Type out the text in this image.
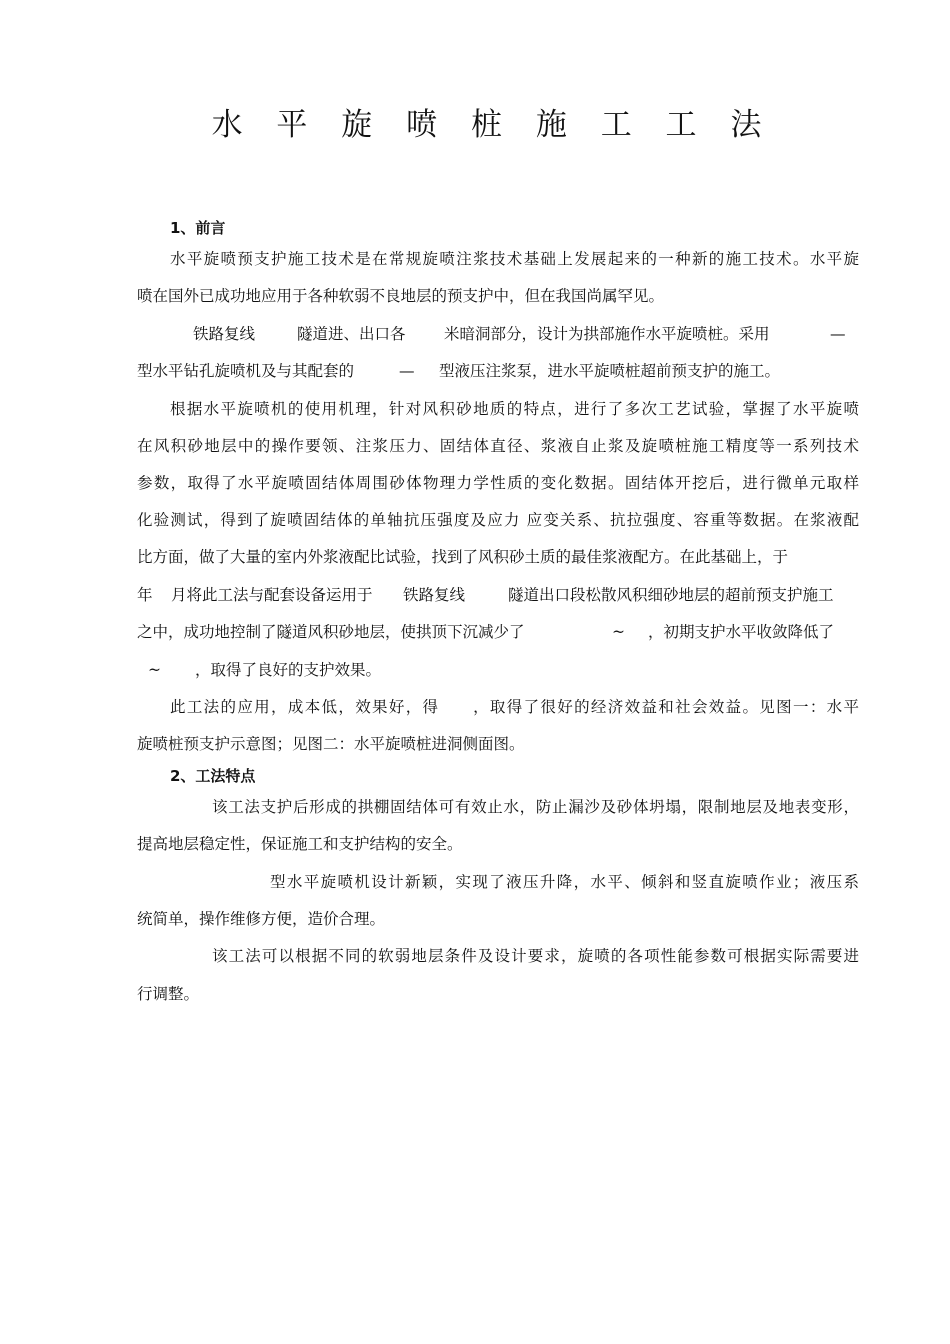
水 平 旋 喷 桩 施 工 工 法
1、前言
水平旋喷预支护施工技术是在常规旋喷注浆技术基础上发展起来的一种新的施工技术。水平旋
喷在国外已成功地应用于各种软弱不良地层的预支护中，但在我国尚属罕见。
铁路复线	隧道进、出口各 米暗洞部分，设计为拱部施作水平旋喷桩。采用	—
型水平钻孔旋喷机及与其配套的	— 型液压注浆泵，进水平旋喷桩超前预支护的施工。
根据水平旋喷机的使用机理，针对风积砂地质的特点，进行了多次工艺试验，掌握了水平旋喷
在风积砂地层中的操作要领、注浆压力、固结体直径、浆液自止浆及旋喷桩施工精度等一系列技术
参数，取得了水平旋喷固结体周围砂体物理力学性质的变化数据。固结体开挖后，进行微单元取样
化验测试，得到了旋喷固结体的单轴抗压强度及应力 应变关系、抗拉强度、容重等数据。在浆液配
比方面，做了大量的室内外浆液配比试验，找到了风积砂土质的最佳浆液配方。在此基础上，于
年 月将此工法与配套设备运用于 铁路复线	隧道出口段松散风积细砂地层的超前预支护施工
之中，成功地控制了隧道风积砂地层，使拱顶下沉减少了	~ ，初期支护水平收敛降低了
~ ，取得了良好的支护效果。
此工法的应用，成本低，效果好，得　　，取得了很好的经济效益和社会效益。见图一：水平
旋喷桩预支护示意图；见图二：水平旋喷桩进洞侧面图。
2、工法特点
该工法支护后形成的拱棚固结体可有效止水，防止漏沙及砂体坍塌，限制地层及地表变形，
提高地层稳定性，保证施工和支护结构的安全。
型水平旋喷机设计新颖，实现了液压升降，水平、倾斜和竖直旋喷作业；液压系
统简单，操作维修方便，造价合理。
该工法可以根据不同的软弱地层条件及设计要求，旋喷的各项性能参数可根据实际需要进
行调整。
